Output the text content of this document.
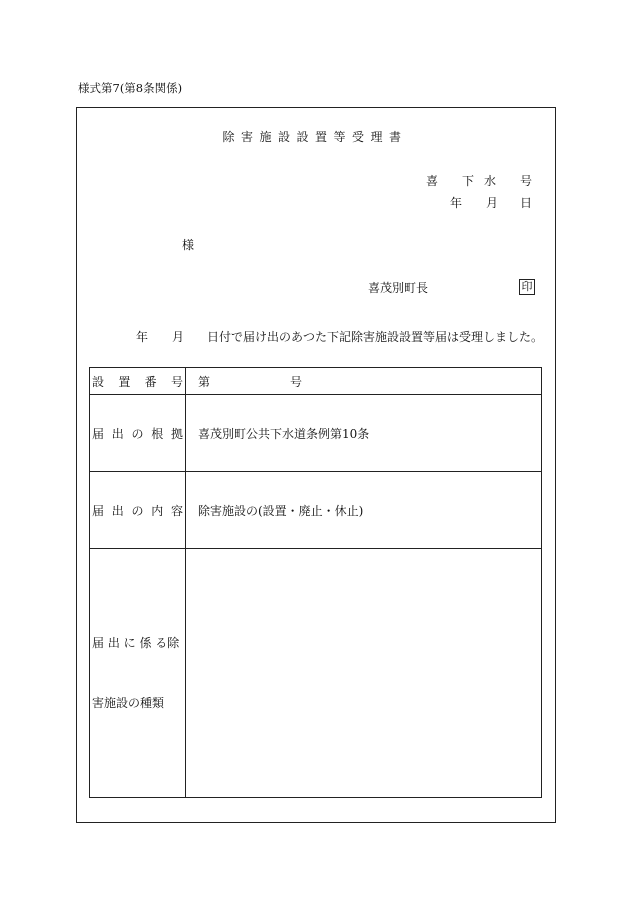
様式第7(第8条関係)
除害施設設置等受理書
喜 下 水 号
年 月 日
様
喜茂別町長	印
年 月 日付で届け出のあつた下記除害施設設置等届は受理しました。
設 置 番 号	第 号

届 出 の 根 拠	喜茂別町公共下水道条例第10条

届 出 の 内 容	除害施設の(設置・廃止・休止)

届 出 に 係 る除
害施設の種類	
